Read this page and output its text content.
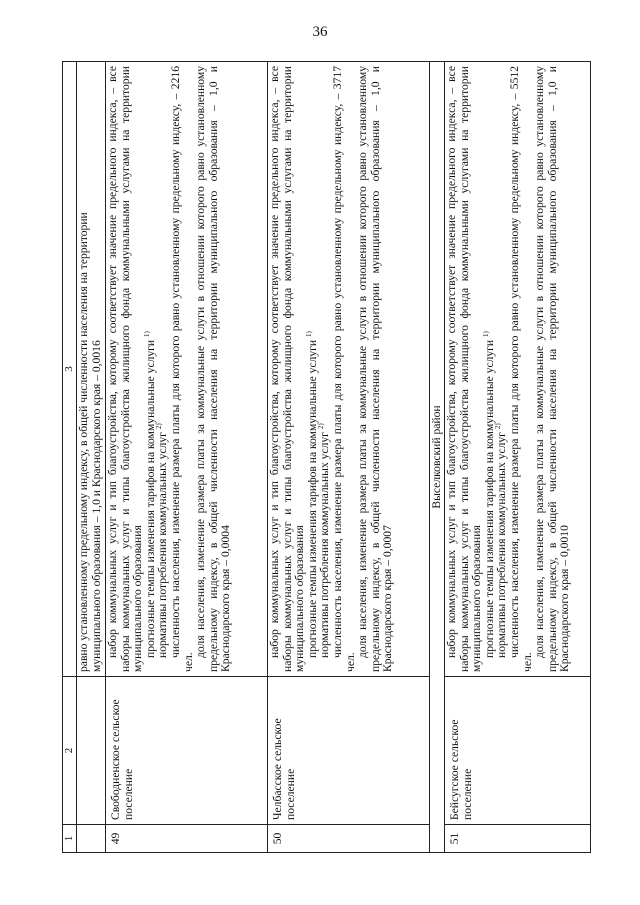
36
1	2	3

		равно установленному предельному индексу, в общей численности населения на территории муниципального образования – 1,0 и Краснодарского края – 0,0016

49	Свободненское сельское поселение	набор коммунальных услуг и тип благоустройства, которому соответствует значение предельного индекса, – все наборы коммунальных услуг и типы благоустройства жилищного фонда коммунальными услугами на территории муниципального образования прогнозные темпы изменения тарифов на коммунальные услуги $^{1)}$

нормативы потребления коммунальных услуг $^{2)}$ численность населения, изменение размера платы для которого равно установленному предельному индексу, – 2216 чел.

доля населения, изменение размера платы за коммунальные услуги в отношении которого равно установленному предельному индексу, в общей численности населения на территории муниципального образования – 1,0 и Краснодарского края – 0,0004

50	Челбасское сельское поселение	набор коммунальных услуг и тип благоустройства, которому соответствует значение предельного индекса, – все наборы коммунальных услуг и типы благоустройства жилищного фонда коммунальными услугами на территории муниципального образования прогнозные темпы изменения тарифов на коммунальные услуги $^{1)}$

нормативы потребления коммунальных услуг $^{2)}$ численность населения, изменение размера платы для которого равно установленному предельному индексу, – 3717 чел.

доля населения, изменение размера платы за коммунальные услуги в отношении которого равно установленному предельному индексу, в общей численности населения на территории муниципального образования – 1,0 и Краснодарского края – 0,0007

Выселковский район		
51	Бейсугское сельское поселение	набор коммунальных услуг и тип благоустройства, которому соответствует значение предельного индекса, – все наборы коммунальных услуг и типы благоустройства жилищного фонда коммунальными услугами на территории муниципального образования прогнозные темпы изменения тарифов на коммунальные услуги $^{1)}$

нормативы потребления коммунальных услуг $^{2)}$ численность населения, изменение размера платы для которого равно установленному предельному индексу, – 5512 чел.

доля населения, изменение размера платы за коммунальные услуги в отношении которого равно установленному предельному индексу, в общей численности населения на территории муниципального образования – 1,0 и Краснодарского края – 0,0010
